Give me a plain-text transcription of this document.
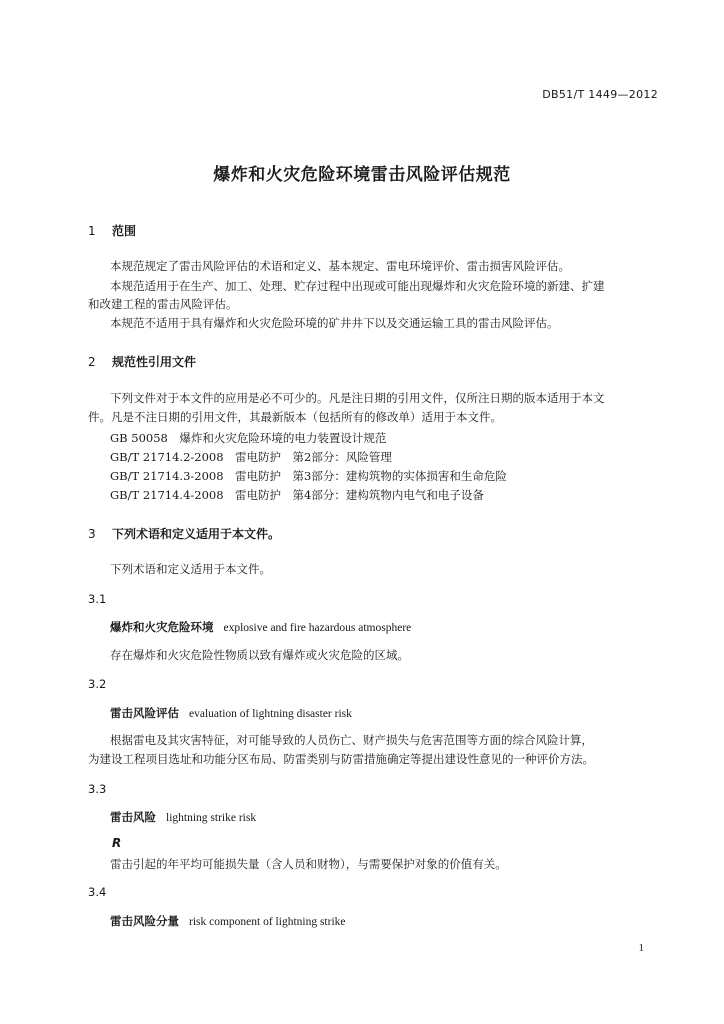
DB51/T 1449—2012
爆炸和火灾危险环境雷击风险评估规范
1 范围
本规范规定了雷击风险评估的术语和定义、基本规定、雷电环境评价、雷击损害风险评估。
本规范适用于在生产、加工、处理、贮存过程中出现或可能出现爆炸和火灾危险环境的新建、扩建
和改建工程的雷击风险评估。
本规范不适用于具有爆炸和火灾危险环境的矿井井下以及交通运输工具的雷击风险评估。
2 规范性引用文件
下列文件对于本文件的应用是必不可少的。凡是注日期的引用文件，仅所注日期的版本适用于本文
件。凡是不注日期的引用文件，其最新版本（包括所有的修改单）适用于本文件。
GB 50058　爆炸和火灾危险环境的电力装置设计规范
GB/T 21714.2-2008　雷电防护　第2部分：风险管理
GB/T 21714.3-2008　雷电防护　第3部分：建构筑物的实体损害和生命危险
GB/T 21714.4-2008　雷电防护　第4部分：建构筑物内电气和电子设备
3 下列术语和定义适用于本文件。
下列术语和定义适用于本文件。
3.1
爆炸和火灾危险环境 explosive and fire hazardous atmosphere
存在爆炸和火灾危险性物质以致有爆炸或火灾危险的区域。
3.2
雷击风险评估 evaluation of lightning disaster risk
根据雷电及其灾害特征，对可能导致的人员伤亡、财产损失与危害范围等方面的综合风险计算，
为建设工程项目选址和功能分区布局、防雷类别与防雷措施确定等提出建设性意见的一种评价方法。
3.3
雷击风险 lightning strike risk
R
雷击引起的年平均可能损失量（含人员和财物），与需要保护对象的价值有关。
3.4
雷击风险分量 risk component of lightning strike
1
